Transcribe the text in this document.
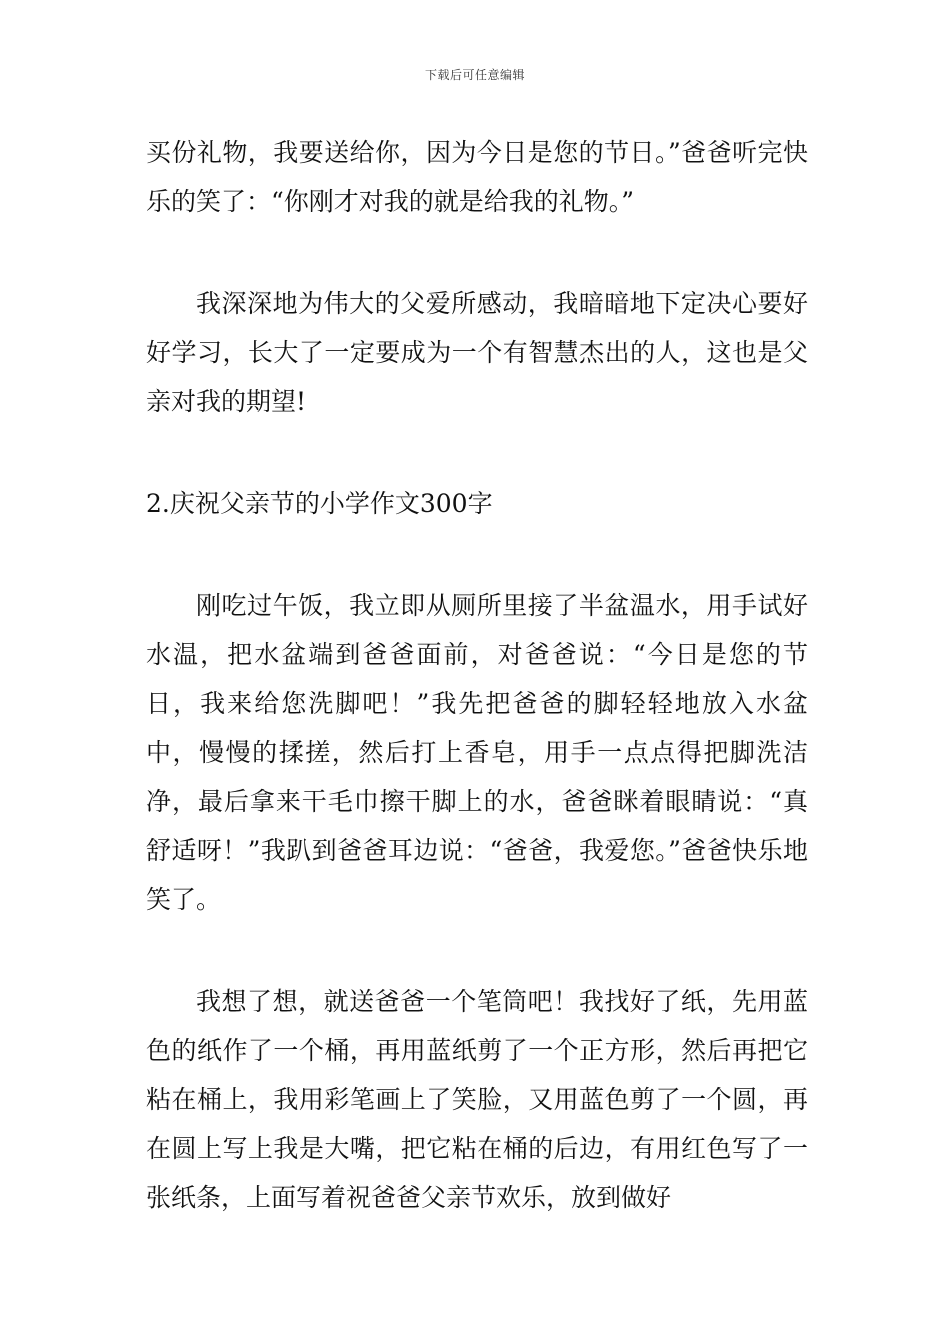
下载后可任意编辑

买份礼物，我要送给你，因为今日是您的节日。”爸爸听完快乐的笑了：“你刚才对我的就是给我的礼物。”

我深深地为伟大的父爱所感动，我暗暗地下定决心要好好学习，长大了一定要成为一个有智慧杰出的人，这也是父亲对我的期望!

2.庆祝父亲节的小学作文300字

刚吃过午饭，我立即从厕所里接了半盆温水，用手试好水温，把水盆端到爸爸面前，对爸爸说：“今日是您的节日，我来给您洗脚吧！”我先把爸爸的脚轻轻地放入水盆中，慢慢的揉搓，然后打上香皂，用手一点点得把脚洗洁净，最后拿来干毛巾擦干脚上的水，爸爸眯着眼睛说：“真舒适呀！”我趴到爸爸耳边说：“爸爸，我爱您。”爸爸快乐地笑了。

我想了想，就送爸爸一个笔筒吧！我找好了纸，先用蓝色的纸作了一个桶，再用蓝纸剪了一个正方形，然后再把它粘在桶上，我用彩笔画上了笑脸，又用蓝色剪了一个圆，再在圆上写上我是大嘴，把它粘在桶的后边，有用红色写了一张纸条，上面写着祝爸爸父亲节欢乐，放到做好
